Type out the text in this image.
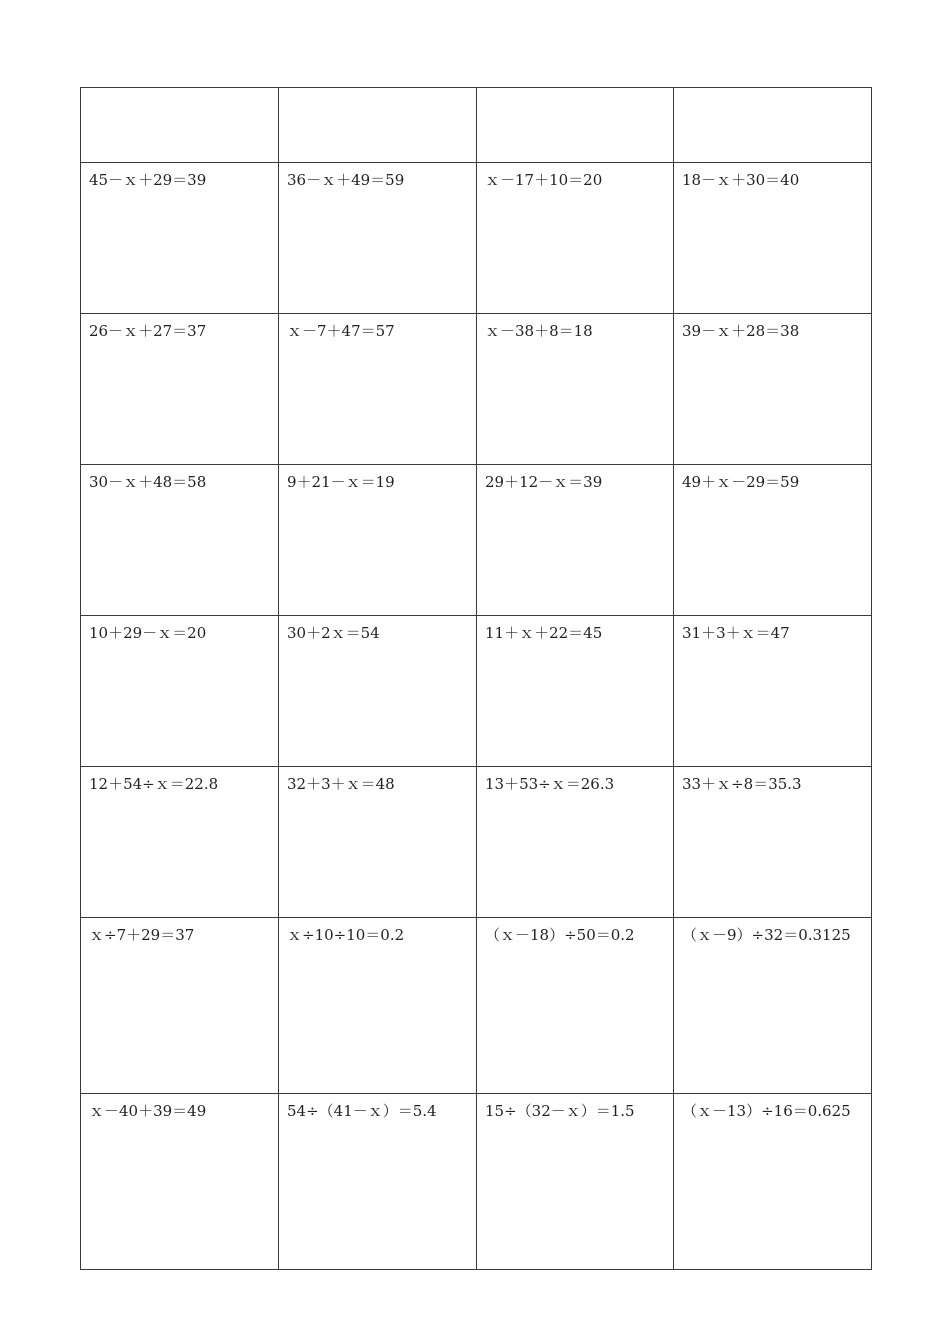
45－ｘ＋29＝39	36－ｘ＋49＝59	ｘ－17＋10＝20	18－ｘ＋30＝40
26－ｘ＋27＝37	ｘ－7＋47＝57	ｘ－38＋8＝18	39－ｘ＋28＝38
30－ｘ＋48＝58	9＋21－ｘ＝19	29＋12－ｘ＝39	49＋ｘ－29＝59
10＋29－ｘ＝20	30＋2ｘ＝54	11＋ｘ＋22＝45	31＋3＋ｘ＝47
12＋54÷ｘ＝22.8	32＋3＋ｘ＝48	13＋53÷ｘ＝26.3	33＋ｘ÷8＝35.3
ｘ÷7＋29＝37	ｘ÷10÷10＝0.2	（ｘ－18）÷50＝0.2	（ｘ－9）÷32＝0.3125
ｘ－40＋39＝49	54÷（41－ｘ）＝5.4	15÷（32－ｘ）＝1.5	（ｘ－13）÷16＝0.625
